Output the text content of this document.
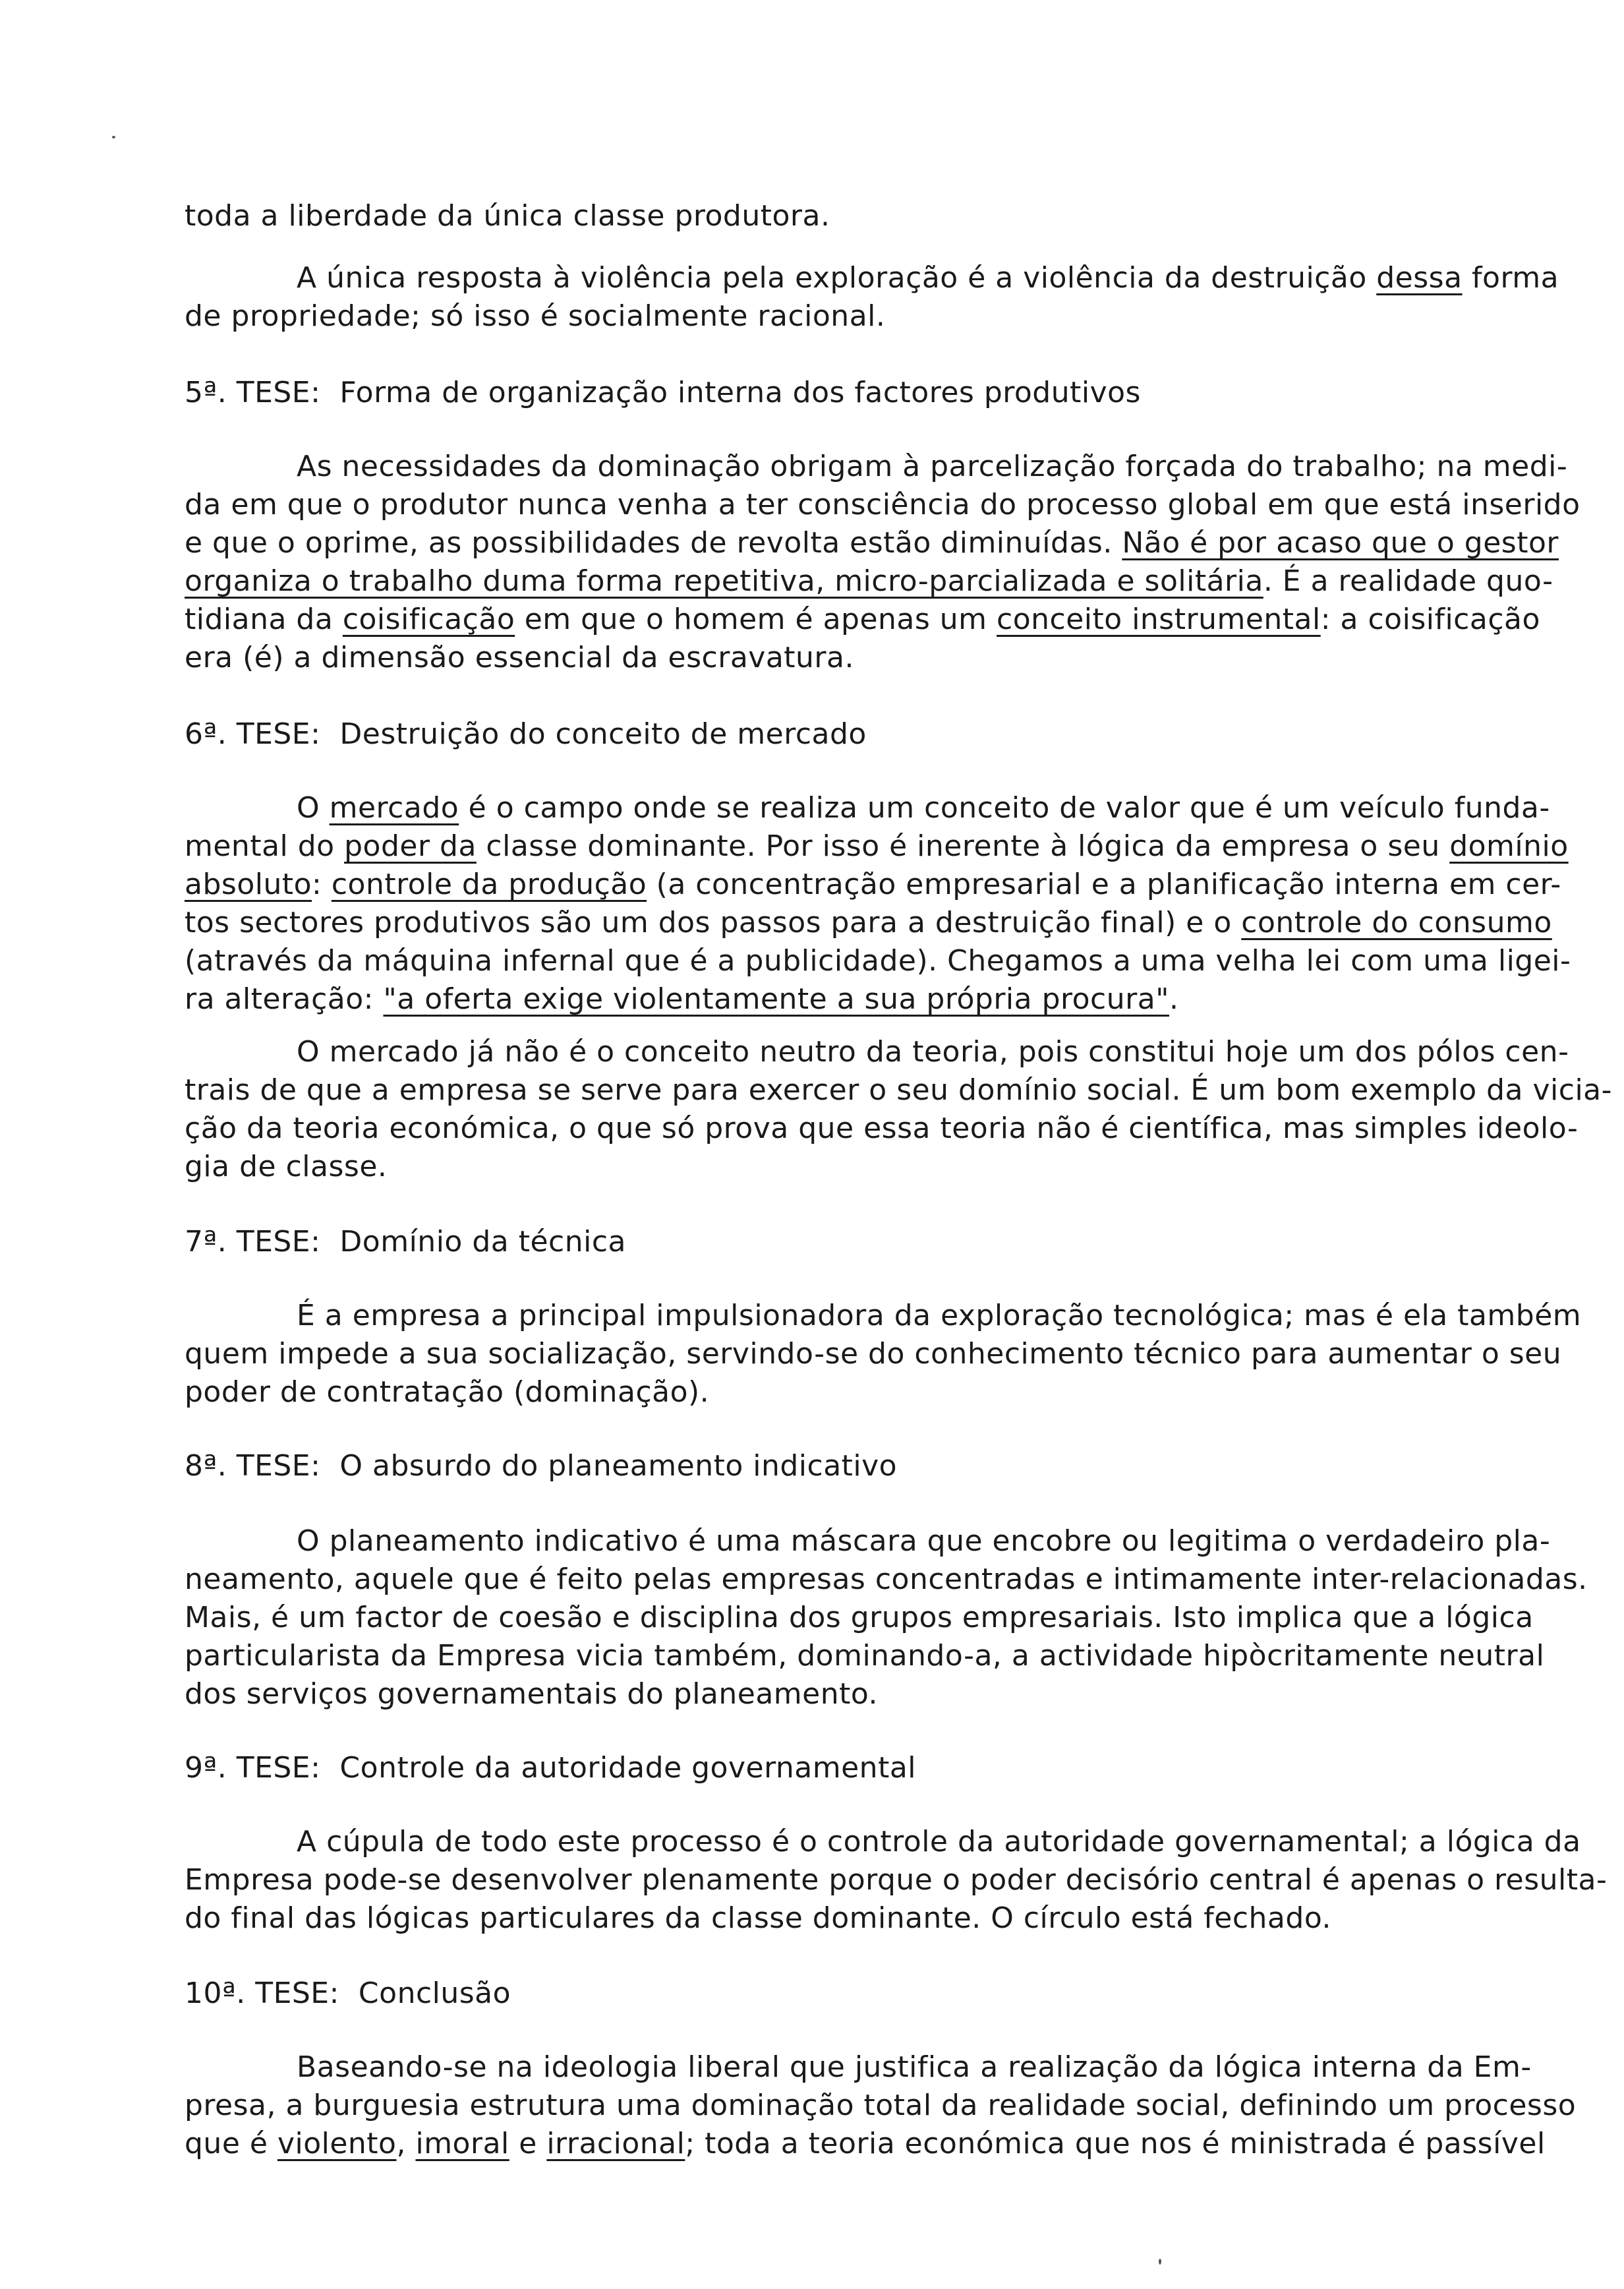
toda a liberdade da única classe produtora.
A única resposta à violência pela exploração é a violência da destruição dessa forma
de propriedade; só isso é socialmente racional.
5ª. TESE: Forma de organização interna dos factores produtivos
As necessidades da dominação obrigam à parcelização forçada do trabalho; na medi-
da em que o produtor nunca venha a ter consciência do processo global em que está inserido
e que o oprime, as possibilidades de revolta estão diminuídas. Não é por acaso que o gestor
organiza o trabalho duma forma repetitiva, micro-parcializada e solitária. É a realidade quo-
tidiana da coisificação em que o homem é apenas um conceito instrumental: a coisificação
era (é) a dimensão essencial da escravatura.
6ª. TESE: Destruição do conceito de mercado
O mercado é o campo onde se realiza um conceito de valor que é um veículo funda-
mental do poder da classe dominante. Por isso é inerente à lógica da empresa o seu domínio
absoluto: controle da produção (a concentração empresarial e a planificação interna em cer-
tos sectores produtivos são um dos passos para a destruição final) e o controle do consumo
(através da máquina infernal que é a publicidade). Chegamos a uma velha lei com uma ligei-
ra alteração: "a oferta exige violentamente a sua própria procura".
O mercado já não é o conceito neutro da teoria, pois constitui hoje um dos pólos cen-
trais de que a empresa se serve para exercer o seu domínio social. É um bom exemplo da vicia-
ção da teoria económica, o que só prova que essa teoria não é científica, mas simples ideolo-
gia de classe.
7ª. TESE: Domínio da técnica
É a empresa a principal impulsionadora da exploração tecnológica; mas é ela também
quem impede a sua socialização, servindo-se do conhecimento técnico para aumentar o seu
poder de contratação (dominação).
8ª. TESE: O absurdo do planeamento indicativo
O planeamento indicativo é uma máscara que encobre ou legitima o verdadeiro pla-
neamento, aquele que é feito pelas empresas concentradas e intimamente inter-relacionadas.
Mais, é um factor de coesão e disciplina dos grupos empresariais. Isto implica que a lógica
particularista da Empresa vicia também, dominando-a, a actividade hipòcritamente neutral
dos serviços governamentais do planeamento.
9ª. TESE: Controle da autoridade governamental
A cúpula de todo este processo é o controle da autoridade governamental; a lógica da
Empresa pode-se desenvolver plenamente porque o poder decisório central é apenas o resulta-
do final das lógicas particulares da classe dominante. O círculo está fechado.
10ª. TESE: Conclusão
Baseando-se na ideologia liberal que justifica a realização da lógica interna da Em-
presa, a burguesia estrutura uma dominação total da realidade social, definindo um processo
que é violento, imoral e irracional; toda a teoria económica que nos é ministrada é passível
